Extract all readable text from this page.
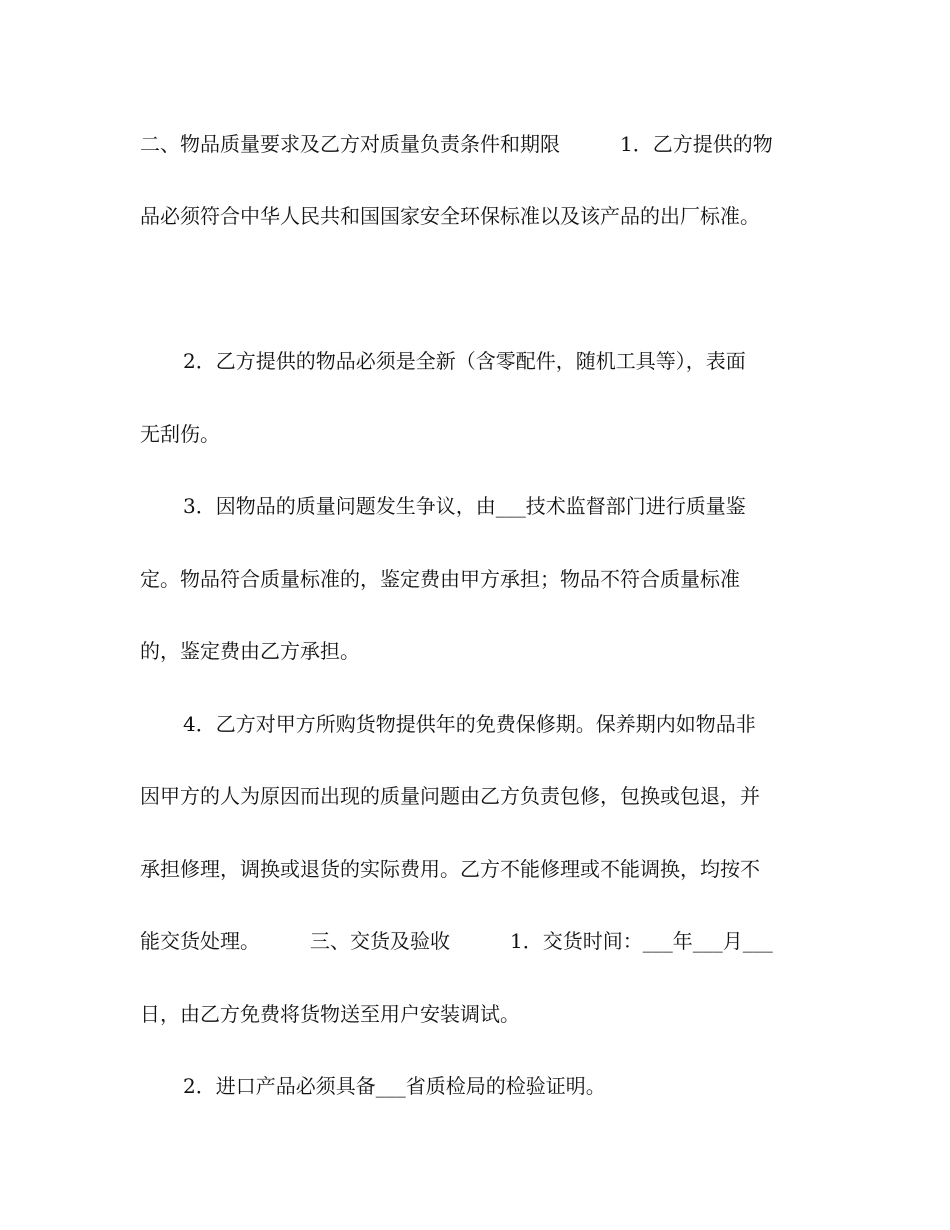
二、物品质量要求及乙方对质量负责条件和期限　　　1．乙方提供的物

品必须符合中华人民共和国国家安全环保标准以及该产品的出厂标准。

2．乙方提供的物品必须是全新（含零配件，随机工具等），表面

无刮伤。

3．因物品的质量问题发生争议，由___技术监督部门进行质量鉴

定。物品符合质量标准的，鉴定费由甲方承担；物品不符合质量标准

的，鉴定费由乙方承担。

4．乙方对甲方所购货物提供年的免费保修期。保养期内如物品非

因甲方的人为原因而出现的质量问题由乙方负责包修，包换或包退，并

承担修理，调换或退货的实际费用。乙方不能修理或不能调换，均按不

能交货处理。　　　三、交货及验收　　　1．交货时间：___年___月___

日，由乙方免费将货物送至用户安装调试。

2．进口产品必须具备___省质检局的检验证明。
